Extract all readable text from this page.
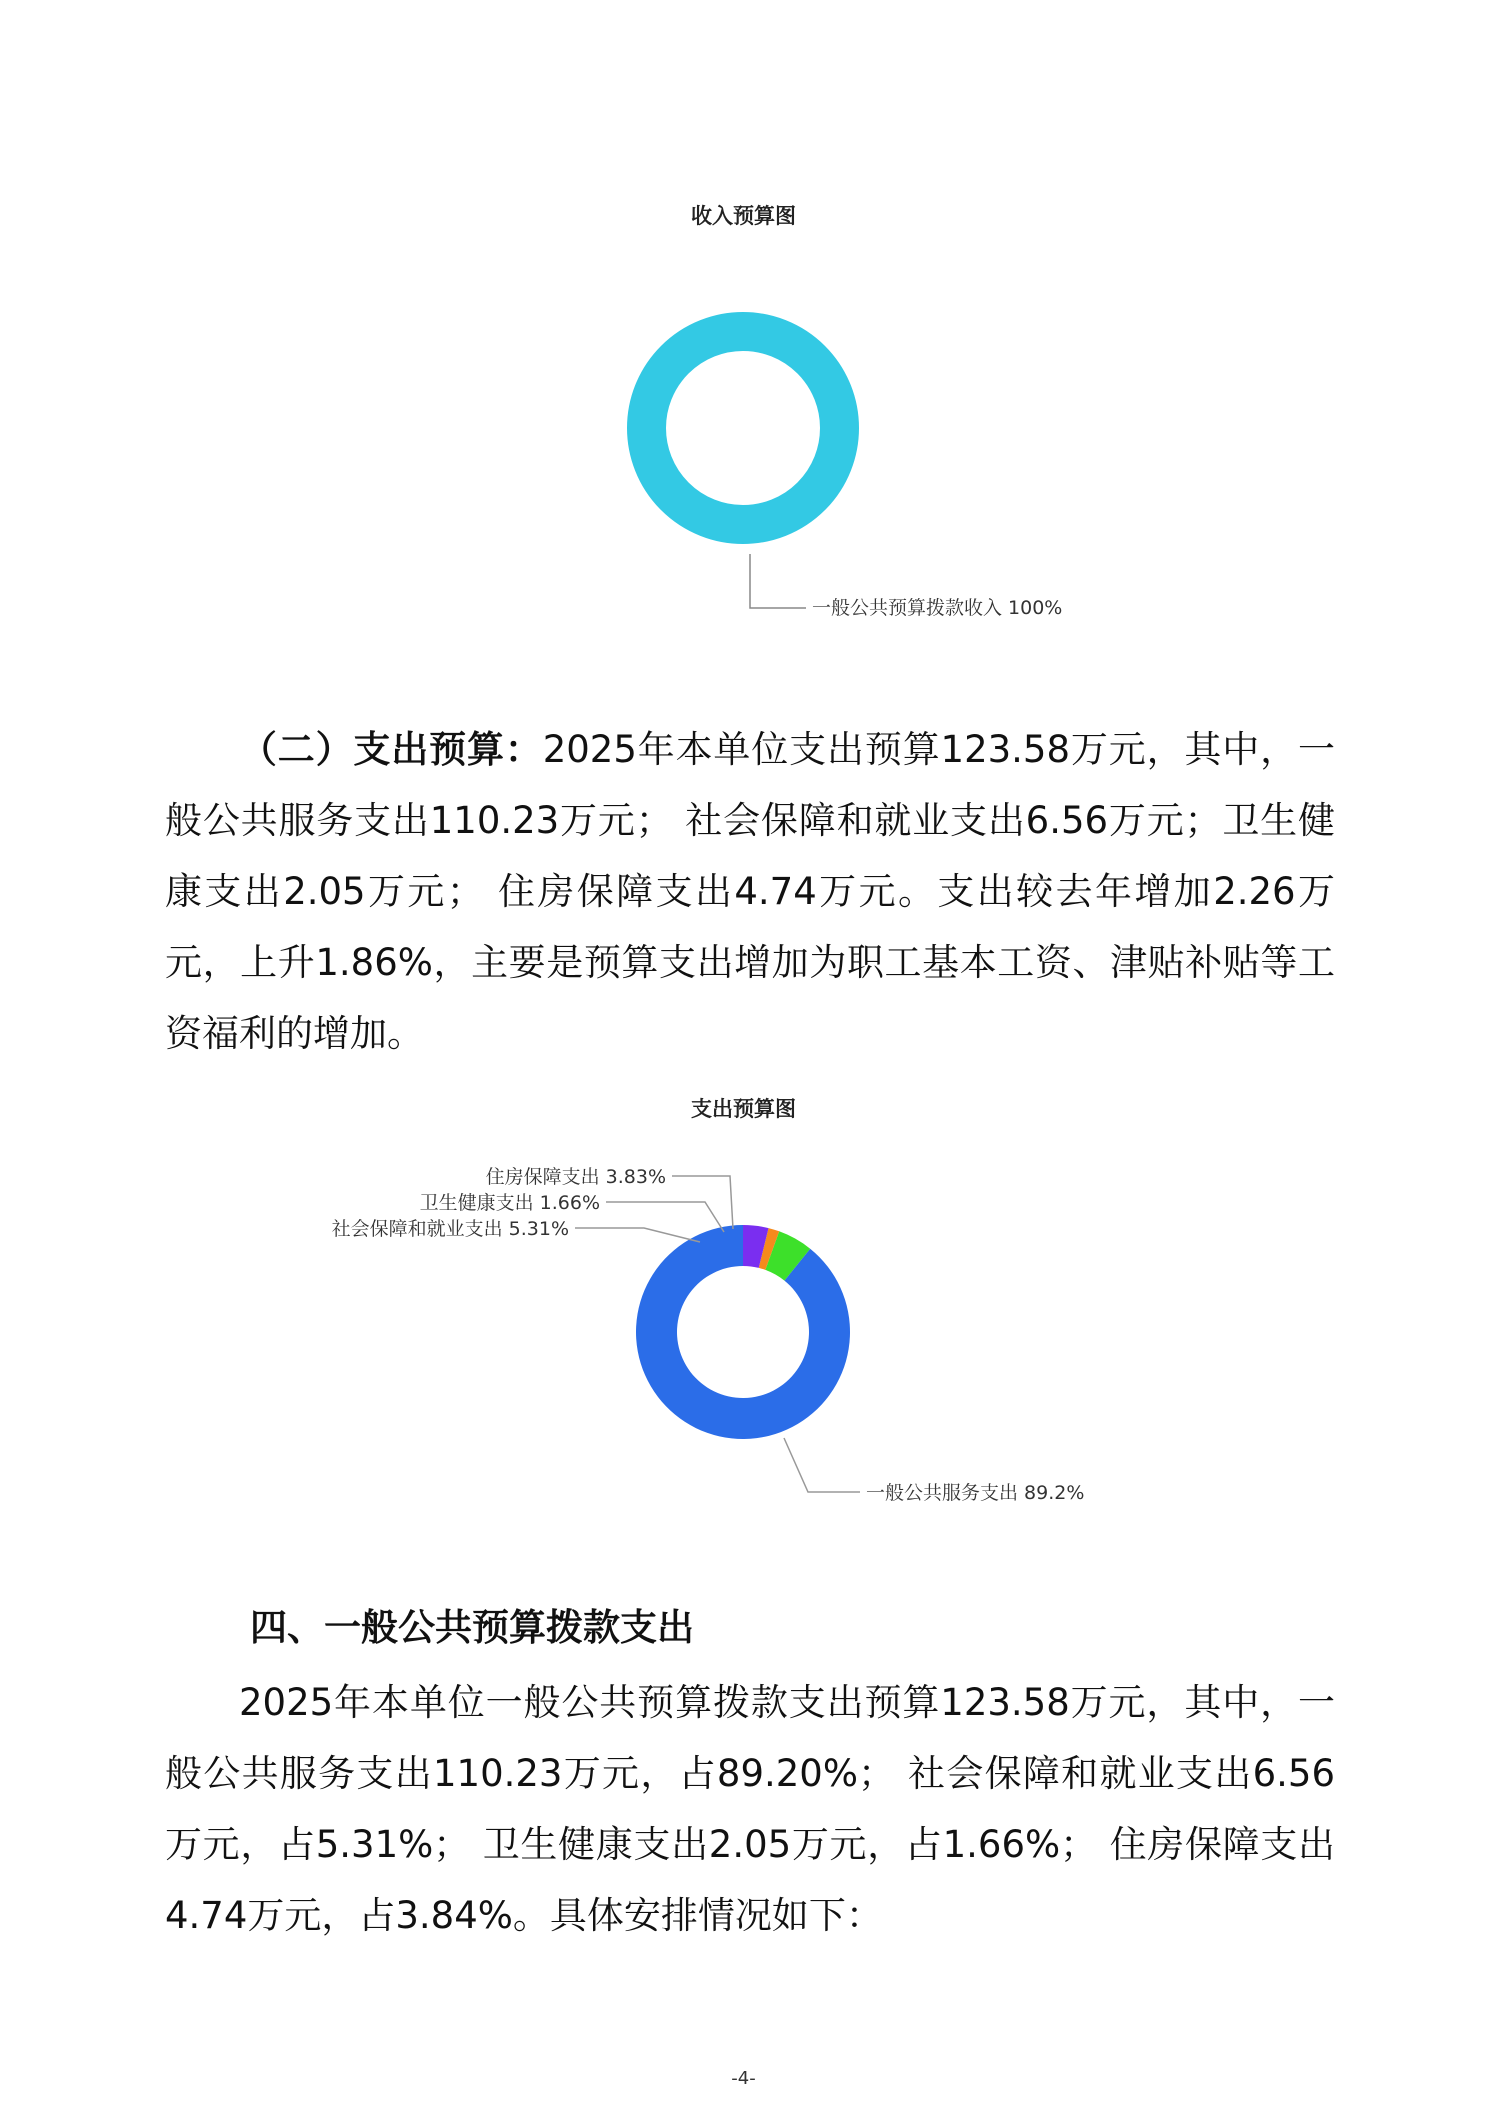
收入预算图
一般公共预算拨款收入 100%
（二）支出预算：2025年本单位支出预算123.58万元，其中，一般公共服务支出110.23万元； 社会保障和就业支出6.56万元；卫生健康支出2.05万元； 住房保障支出4.74万元。支出较去年增加2.26万元，上升1.86%，主要是预算支出增加为职工基本工资、津贴补贴等工资福利的增加。
支出预算图
住房保障支出 3.83%
卫生健康支出 1.66%
社会保障和就业支出 5.31%
一般公共服务支出 89.2%
四、一般公共预算拨款支出
2025年本单位一般公共预算拨款支出预算123.58万元，其中，一般公共服务支出110.23万元，占89.20%； 社会保障和就业支出6.56万元，占5.31%； 卫生健康支出2.05万元，占1.66%； 住房保障支出4.74万元，占3.84%。具体安排情况如下：
-4-
